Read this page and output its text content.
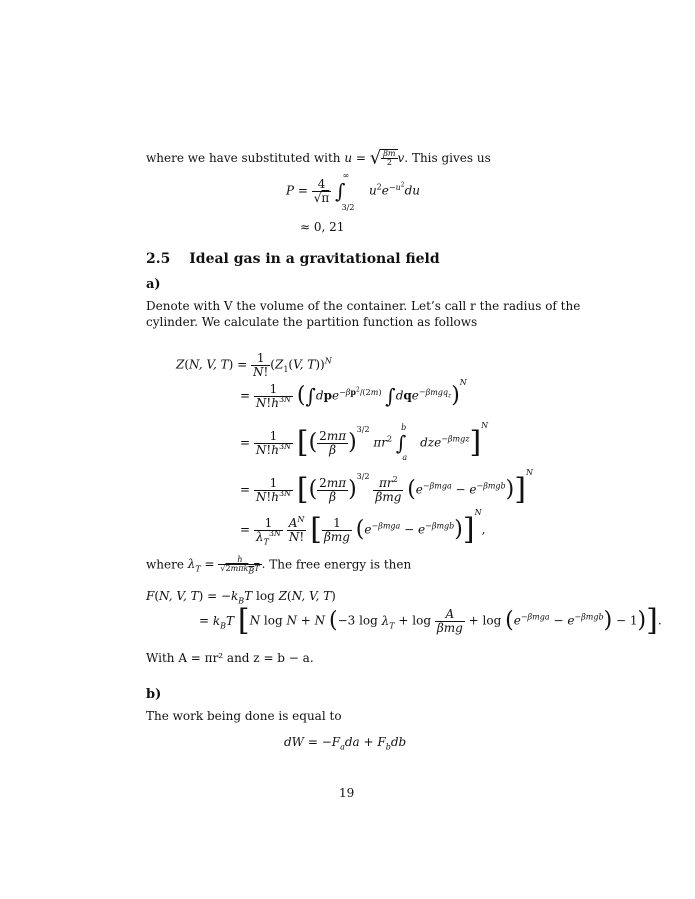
where we have substituted with u = √ $\frac{\beta m}{2} v$. This gives us
$P = \frac{4}{√\pi} \int_{3/2}^\infty$ $u^2e^{-u^2}du$
≈ 0, 21
2.5 Ideal gas in a gravitational field
a)
Denote with V the volume of the container. Let’s call r the radius of the
cylinder. We calculate the partition function as follows
Z(N, V, $T) = \frac{1}{N!} (Z_1(V$, T))$^N$
= $\frac{1}{N!h^{3N}} (\int dpe^{-\beta p^2/(2m)}$ ∫dqe$^{-\beta mgq_z}$)$^N$
= $\frac{1}{N!h^{3N}}$ [( $\frac{2m\pi}{\beta} )^{3/2}$ $\pi r^2$ $\int_a^b$ dze$^{-\beta mgz}$]$^N$
= $\frac{1}{N!h^{3N}}$ [( $\frac{2m\pi}{\beta} )^{3/2}$
$\frac{\pi r^2}{\text{βmg}} (e^{-\beta mga} - e^{-\beta mgb})]^N$
= $\frac{1}{\lambda_T^{3N}}$
$\frac{A^N}{N!}$ [ $\frac{1}{\text{βmg}} (e^{-\beta mga} - e^{-\beta mgb})]^N$,
where $\lambda_T = \frac{h}{√2m\pi k_BT}$ . The free energy is then
F(N, V, $T) = -k_BT$ log Z(N, V, T)
= $k_BT$ [N log N + N (−3 $\log \lambda_T + \log \frac{A}{\text{βmg}} + \log (e^{-\beta mga} - e^{-\beta mgb}) - 1$)].
With A = πr² and z = b − a.
b)
The work being done is equal to
dW = $-F_ada + F_bdb$
19
